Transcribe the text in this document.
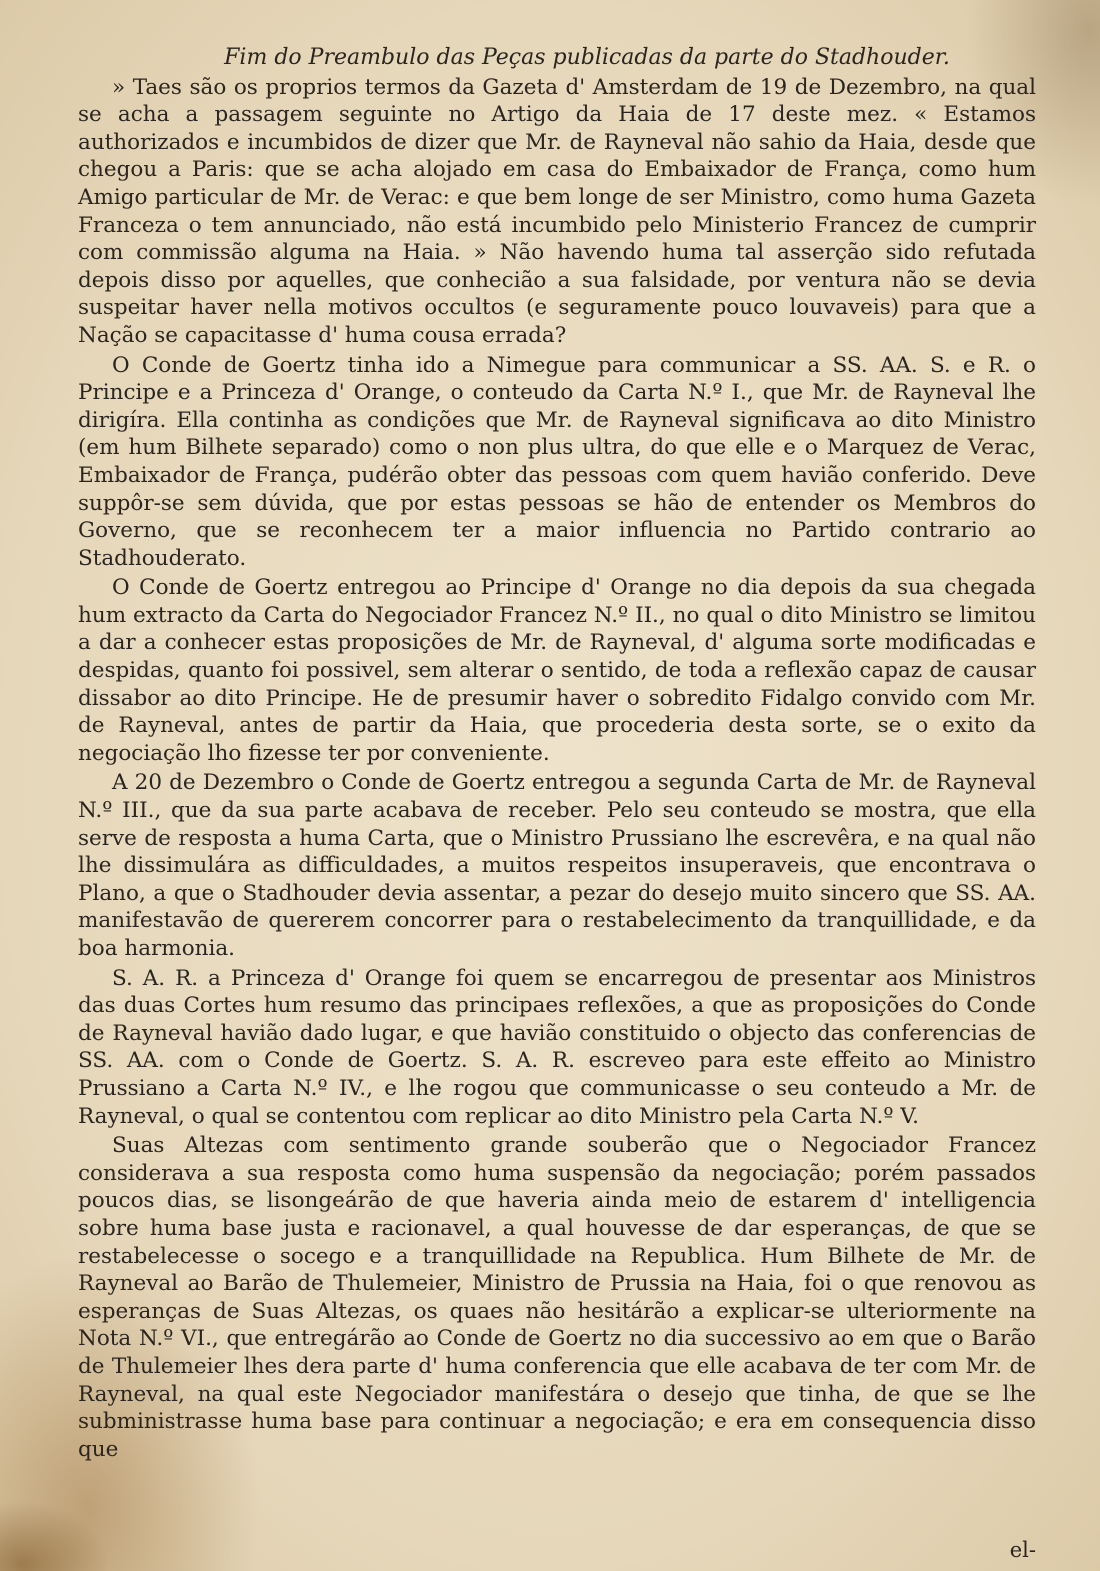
Fim do Preambulo das Peças publicadas da parte do Stadhouder.

» Taes são os proprios termos da Gazeta d' Amsterdam de 19 de Dezembro, na qual se acha a passagem seguinte no Artigo da Haia de 17 deste mez. « Estamos authorizados e incumbidos de dizer que Mr. de Rayneval não sahio da Haia, desde que chegou a Paris: que se acha alojado em casa do Embaixador de França, como hum Amigo particular de Mr. de Verac: e que bem longe de ser Ministro, como huma Gazeta Franceza o tem annunciado, não está incumbido pelo Ministerio Francez de cumprir com commissão alguma na Haia. » Não havendo huma tal asserção sido refutada depois disso por aquelles, que conhecião a sua falsidade, por ventura não se devia suspeitar haver nella motivos occultos (e seguramente pouco louvaveis) para que a Nação se capacitasse d' huma cousa errada?

O Conde de Goertz tinha ido a Nimegue para communicar a SS. AA. S. e R. o Principe e a Princeza d' Orange, o conteudo da Carta N.º I., que Mr. de Rayneval lhe dirigíra. Ella continha as condições que Mr. de Rayneval significava ao dito Ministro (em hum Bilhete separado) como o non plus ultra, do que elle e o Marquez de Verac, Embaixador de França, pudérão obter das pessoas com quem havião conferido. Deve suppôr-se sem dúvida, que por estas pessoas se hão de entender os Membros do Governo, que se reconhecem ter a maior influencia no Partido contrario ao Stadhouderato.

O Conde de Goertz entregou ao Principe d' Orange no dia depois da sua chegada hum extracto da Carta do Negociador Francez N.º II., no qual o dito Ministro se limitou a dar a conhecer estas proposições de Mr. de Rayneval, d' alguma sorte modificadas e despidas, quanto foi possivel, sem alterar o sentido, de toda a reflexão capaz de causar dissabor ao dito Principe. He de presumir haver o sobredito Fidalgo convido com Mr. de Rayneval, antes de partir da Haia, que procederia desta sorte, se o exito da negociação lho fizesse ter por conveniente.

A 20 de Dezembro o Conde de Goertz entregou a segunda Carta de Mr. de Rayneval N.º III., que da sua parte acabava de receber. Pelo seu conteudo se mostra, que ella serve de resposta a huma Carta, que o Ministro Prussiano lhe escrevêra, e na qual não lhe dissimulára as difficuldades, a muitos respeitos insuperaveis, que encontrava o Plano, a que o Stadhouder devia assentar, a pezar do desejo muito sincero que SS. AA. manifestavão de quererem concorrer para o restabelecimento da tranquillidade, e da boa harmonia.

S. A. R. a Princeza d' Orange foi quem se encarregou de presentar aos Ministros das duas Cortes hum resumo das principaes reflexões, a que as proposições do Conde de Rayneval havião dado lugar, e que havião constituido o objecto das conferencias de SS. AA. com o Conde de Goertz. S. A. R. escreveo para este effeito ao Ministro Prussiano a Carta N.º IV., e lhe rogou que communicasse o seu conteudo a Mr. de Rayneval, o qual se contentou com replicar ao dito Ministro pela Carta N.º V.

Suas Altezas com sentimento grande souberão que o Negociador Francez considerava a sua resposta como huma suspensão da negociação; porém passados poucos dias, se lisongeárão de que haveria ainda meio de estarem d' intelligencia sobre huma base justa e racionavel, a qual houvesse de dar esperanças, de que se restabelecesse o socego e a tranquillidade na Republica. Hum Bilhete de Mr. de Rayneval ao Barão de Thulemeier, Ministro de Prussia na Haia, foi o que renovou as esperanças de Suas Altezas, os quaes não hesitárão a explicar-se ulteriormente na Nota N.º VI., que entregárão ao Conde de Goertz no dia successivo ao em que o Barão de Thulemeier lhes dera parte d' huma conferencia que elle acabava de ter com Mr. de Rayneval, na qual este Negociador manifestára o desejo que tinha, de que se lhe subministrasse huma base para continuar a negociação; e era em consequencia disso que

el-
